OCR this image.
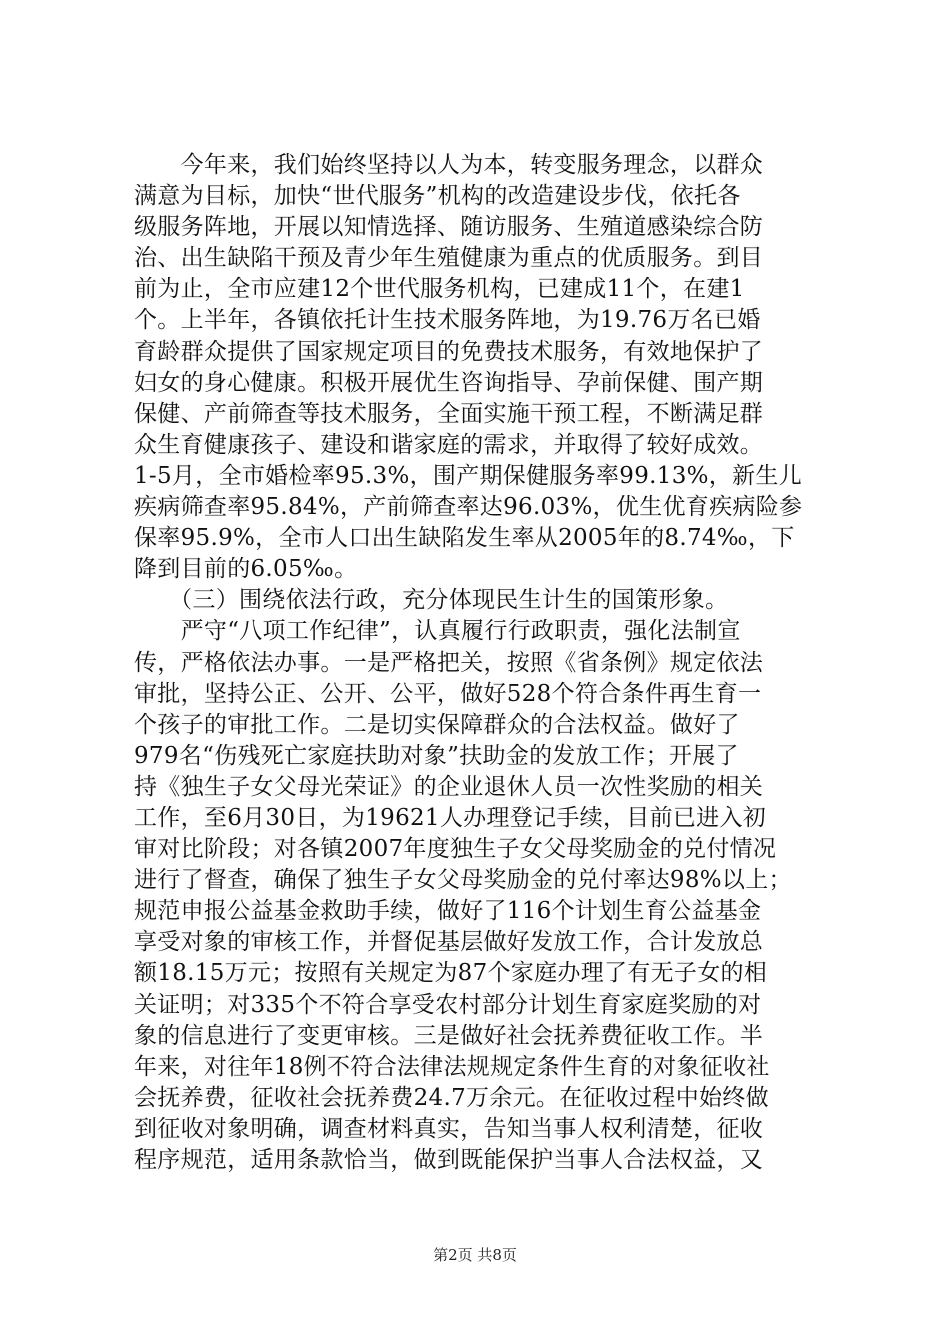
　　今年来，我们始终坚持以人为本，转变服务理念，以群众
满意为目标，加快“世代服务”机构的改造建设步伐，依托各
级服务阵地，开展以知情选择、随访服务、生殖道感染综合防
治、出生缺陷干预及青少年生殖健康为重点的优质服务。到目
前为止，全市应建12个世代服务机构，已建成11个，在建1
个。上半年，各镇依托计生技术服务阵地，为19.76万名已婚
育龄群众提供了国家规定项目的免费技术服务，有效地保护了
妇女的身心健康。积极开展优生咨询指导、孕前保健、围产期
保健、产前筛查等技术服务，全面实施干预工程，不断满足群
众生育健康孩子、建设和谐家庭的需求，并取得了较好成效。
1-5月，全市婚检率95.3%，围产期保健服务率99.13%，新生儿
疾病筛查率95.84%，产前筛查率达96.03%，优生优育疾病险参
保率95.9%，全市人口出生缺陷发生率从2005年的8.74‰，下
降到目前的6.05‰。
　　（三）围绕依法行政，充分体现民生计生的国策形象。
　　严守“八项工作纪律”，认真履行行政职责，强化法制宣
传，严格依法办事。一是严格把关，按照《省条例》规定依法
审批，坚持公正、公开、公平，做好528个符合条件再生育一
个孩子的审批工作。二是切实保障群众的合法权益。做好了
979名“伤残死亡家庭扶助对象”扶助金的发放工作；开展了
持《独生子女父母光荣证》的企业退休人员一次性奖励的相关
工作，至6月30日，为19621人办理登记手续，目前已进入初
审对比阶段；对各镇2007年度独生子女父母奖励金的兑付情况
进行了督查，确保了独生子女父母奖励金的兑付率达98%以上；
规范申报公益基金救助手续，做好了116个计划生育公益基金
享受对象的审核工作，并督促基层做好发放工作，合计发放总
额18.15万元；按照有关规定为87个家庭办理了有无子女的相
关证明；对335个不符合享受农村部分计划生育家庭奖励的对
象的信息进行了变更审核。三是做好社会抚养费征收工作。半
年来，对往年18例不符合法律法规规定条件生育的对象征收社
会抚养费，征收社会抚养费24.7万余元。在征收过程中始终做
到征收对象明确，调查材料真实，告知当事人权利清楚，征收
程序规范，适用条款恰当，做到既能保护当事人合法权益，又
第2页 共8页
